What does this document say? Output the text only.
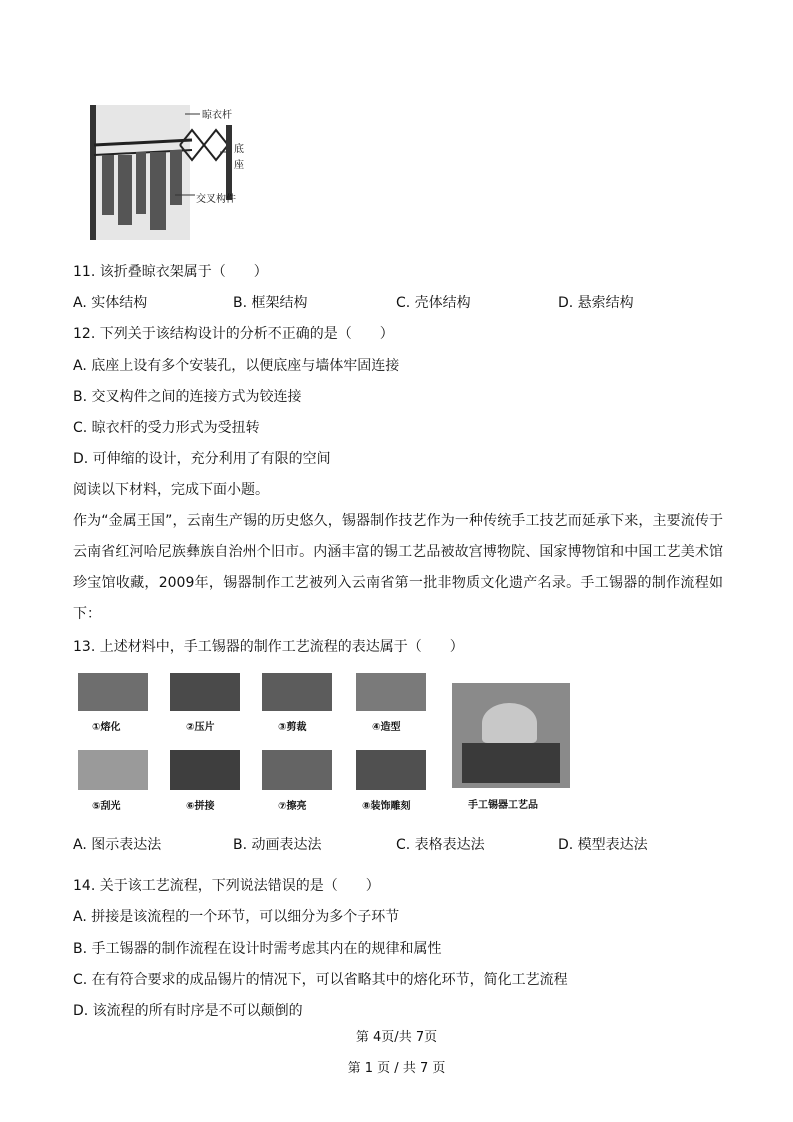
晾衣杆
底
座
交叉构件
11. 该折叠晾衣架属于（　　）
A. 实体结构	B. 框架结构	C. 壳体结构	D. 悬索结构
12. 下列关于该结构设计的分析不正确的是（　　）
A. 底座上设有多个安装孔，以便底座与墙体牢固连接
B. 交叉构件之间的连接方式为铰连接
C. 晾衣杆的受力形式为受扭转
D. 可伸缩的设计，充分利用了有限的空间
阅读以下材料，完成下面小题。
作为“金属王国”，云南生产锡的历史悠久，锡器制作技艺作为一种传统手工技艺而延承下来，主要流传于云南省红河哈尼族彝族自治州个旧市。内涵丰富的锡工艺品被故宫博物院、国家博物馆和中国工艺美术馆珍宝馆收藏，2009年，锡器制作工艺被列入云南省第一批非物质文化遗产名录。手工锡器的制作流程如下：
13. 上述材料中，手工锡器的制作工艺流程的表达属于（　　）
①熔化	②压片	③剪裁	④造型
⑤刮光	⑥拼接	⑦擦亮	⑧装饰雕刻	手工锡器工艺品
A. 图示表达法	B. 动画表达法	C. 表格表达法	D. 模型表达法
14. 关于该工艺流程，下列说法错误的是（　　）
A. 拼接是该流程的一个环节，可以细分为多个子环节
B. 手工锡器的制作流程在设计时需考虑其内在的规律和属性
C. 在有符合要求的成品锡片的情况下，可以省略其中的熔化环节，简化工艺流程
D. 该流程的所有时序是不可以颠倒的
第 4页/共 7页
第 1 页 / 共 7 页
